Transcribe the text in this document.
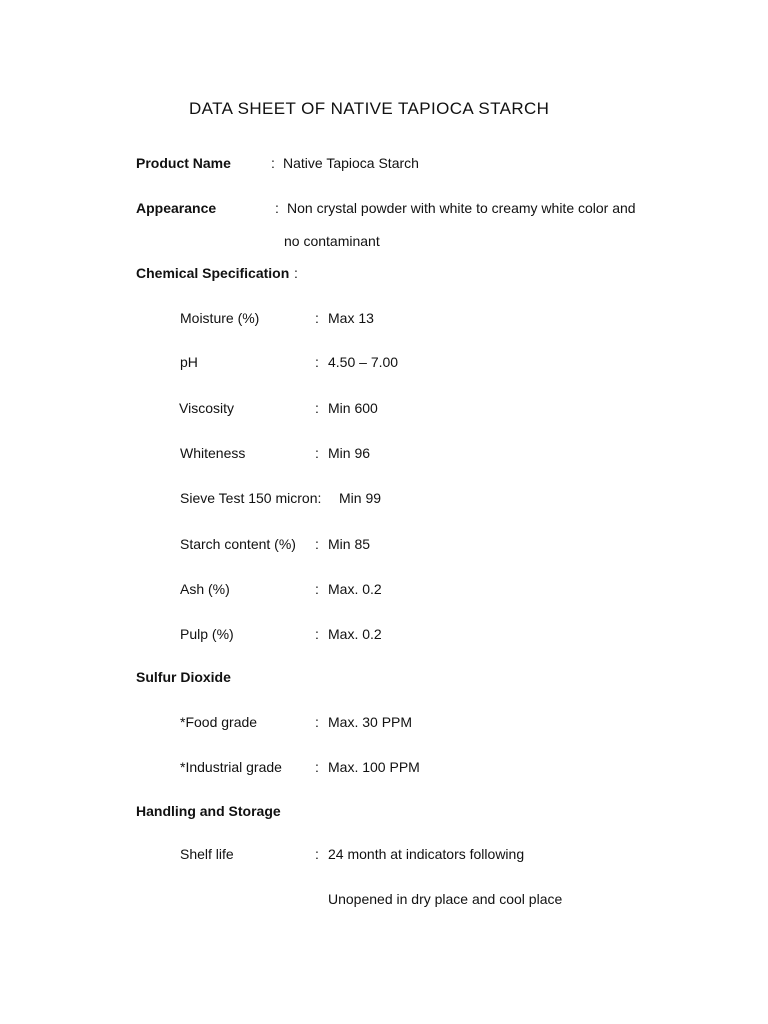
DATA SHEET OF NATIVE TAPIOCA STARCH
Product Name	: Native Tapioca Starch
Appearance	: Non crystal powder with white to creamy white color and
no contaminant
Chemical Specification :
Moisture (%)	: Max 13
pH	: 4.50 – 7.00
Viscosity	: Min 600
Whiteness	: Min 96
Sieve Test 150 micron: Min 99
Starch content (%) : Min 85
Ash (%)	: Max. 0.2
Pulp (%)	: Max. 0.2
Sulfur Dioxide
*Food grade	: Max. 30 PPM
*Industrial grade : Max. 100 PPM
Handling and Storage
Shelf life	: 24 month at indicators following
Unopened in dry place and cool place
